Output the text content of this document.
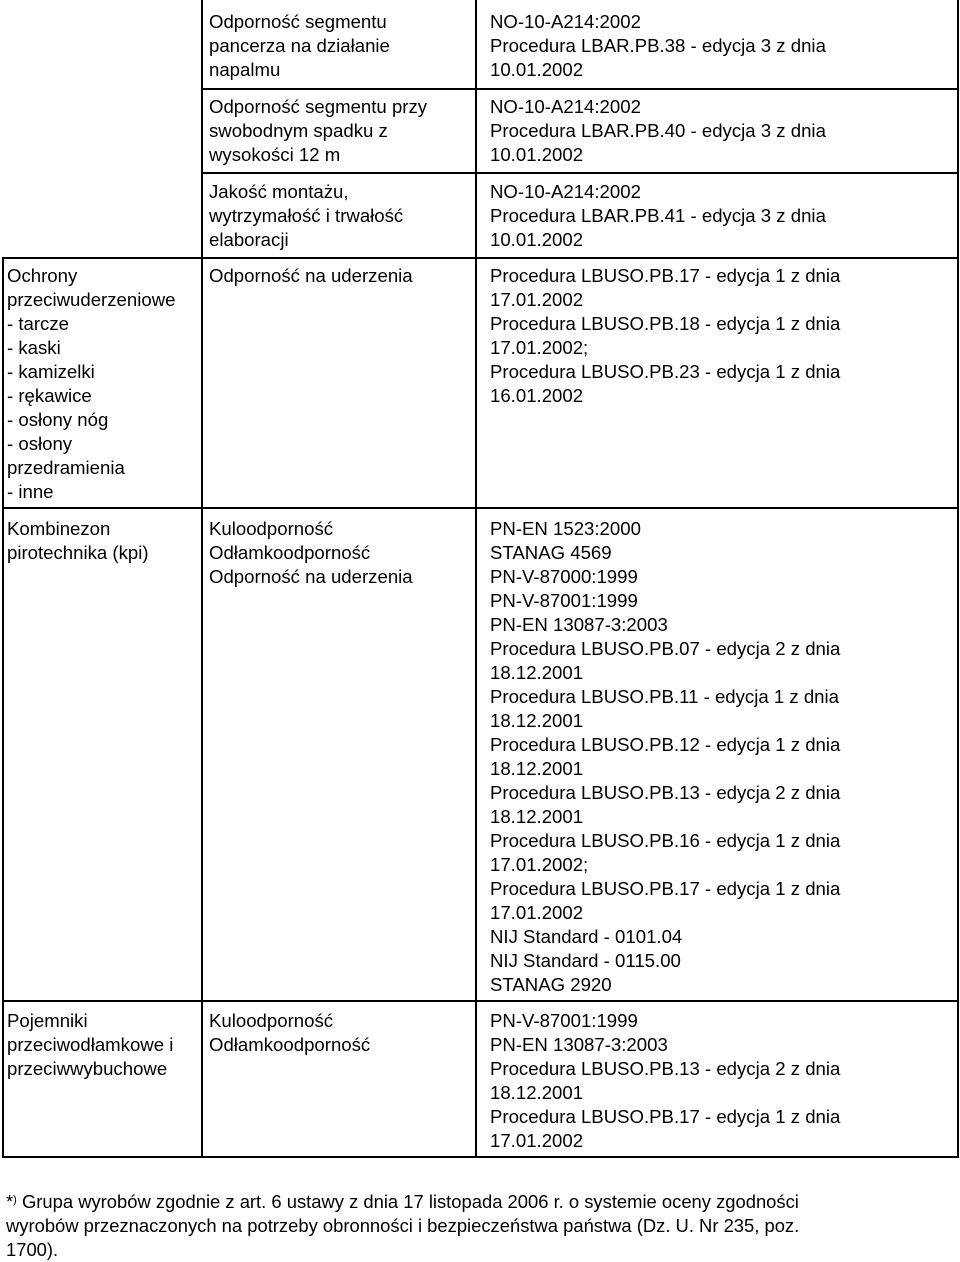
Odporność segmentu
pancerza na działanie
napalmu
NO-10-A214:2002
Procedura LBAR.PB.38 - edycja 3 z dnia
10.01.2002
Odporność segmentu przy
swobodnym spadku z
wysokości 12 m
NO-10-A214:2002
Procedura LBAR.PB.40 - edycja 3 z dnia
10.01.2002
Jakość montażu,
wytrzymałość i trwałość
elaboracji
NO-10-A214:2002
Procedura LBAR.PB.41 - edycja 3 z dnia
10.01.2002
Ochrony
przeciwuderzeniowe
- tarcze
- kaski
- kamizelki
- rękawice
- osłony nóg
- osłony
przedramienia
- inne
Odporność na uderzenia	Procedura LBUSO.PB.17 - edycja 1 z dnia
17.01.2002
Procedura LBUSO.PB.18 - edycja 1 z dnia
17.01.2002;
Procedura LBUSO.PB.23 - edycja 1 z dnia
16.01.2002
Kombinezon
pirotechnika (kpi)
Kuloodporność
Odłamkoodporność
Odporność na uderzenia
PN-EN 1523:2000
STANAG 4569
PN-V-87000:1999
PN-V-87001:1999
PN-EN 13087-3:2003
Procedura LBUSO.PB.07 - edycja 2 z dnia
18.12.2001
Procedura LBUSO.PB.11 - edycja 1 z dnia
18.12.2001
Procedura LBUSO.PB.12 - edycja 1 z dnia
18.12.2001
Procedura LBUSO.PB.13 - edycja 2 z dnia
18.12.2001
Procedura LBUSO.PB.16 - edycja 1 z dnia
17.01.2002;
Procedura LBUSO.PB.17 - edycja 1 z dnia
17.01.2002
NIJ Standard - 0101.04
NIJ Standard - 0115.00
STANAG 2920
Pojemniki
przeciwodłamkowe i
przeciwwybuchowe
Kuloodporność
Odłamkoodporność
PN-V-87001:1999
PN-EN 13087-3:2003
Procedura LBUSO.PB.13 - edycja 2 z dnia
18.12.2001
Procedura LBUSO.PB.17 - edycja 1 z dnia
17.01.2002
*) Grupa wyrobów zgodnie z art. 6 ustawy z dnia 17 listopada 2006 r. o systemie oceny zgodności
wyrobów przeznaczonych na potrzeby obronności i bezpieczeństwa państwa (Dz. U. Nr 235, poz.
1700).
